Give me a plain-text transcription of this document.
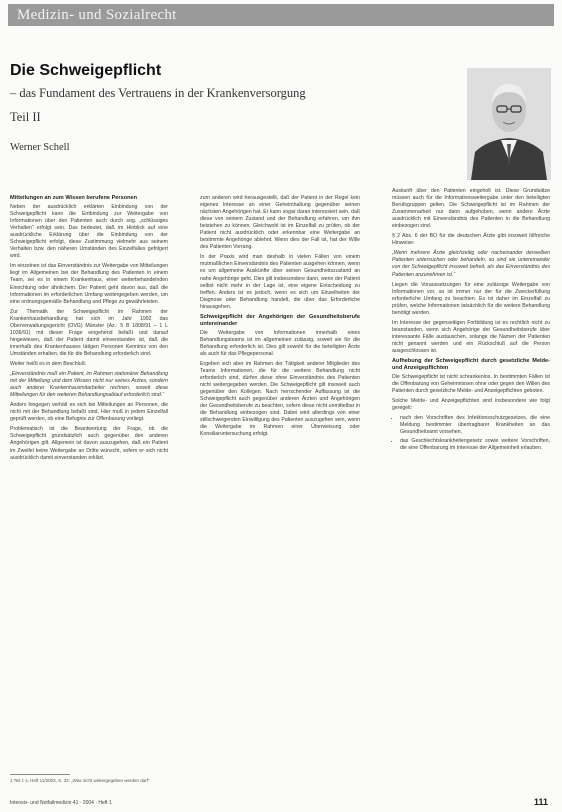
Medizin- und Sozialrecht
Die Schweigepflicht
– das Fundament des Vertrauens in der Krankenversorgung
Teil II
Werner Schell
Mitteilungen an zum Wissen berufene Personen

Neben der ausdrücklich erklärten Einbindung von der Schweigepflicht kann die Entbindung zur Weitergabe von Informationen über den Patienten auch durch sog. „schlüssiges Verhalten“ erfolgt sein. Das bedeutet, daß im Hinblick auf eine ausdrückliche Erklärung über die Einbindung von der Schweigepflicht erfolgt, diese Zustimmung vielmehr aus seinem Verhalten bzw. den näheren Umständen des Einzelfalles gefolgert wird.

Im einzelnen ist das Einverständnis zur Weitergabe von Mitteilungen liegt im Allgemeinen bei der Behandlung des Patienten in einem Team, sei es in einem Krankenhaus, einer weiterbehandelnden Einrichtung oder ähnlichem. Der Patient geht davon aus, daß die Informationen im erforderlichen Umfang weitergegeben werden, um eine ordnungsgemäße Behandlung und Pflege zu gewährleisten.

Zur Thematik der Schweigepflicht im Rahmen der Krankenhausbehandlung hat sich im Jahr 1992 das Oberverwaltungsgericht (OVG) Münster (Az.: 5 B 1808/91 – 1 L 1036/91) mit dieser Frage eingehend befaßt und darauf hingewiesen, daß der Patient damit einverstanden ist, daß die innerhalb des Krankenhauses tätigen Personen Kenntnis von den Umständen erhalten, die für die Behandlung erforderlich sind.

Weiter heißt es in dem Beschluß:

„Einverständnis muß ein Patient, im Rahmen stationärer Behandlung mit der Mitteilung und dem Wissen nicht nur seines Arztes, sondern auch anderer Krankenhausmitarbeiter rechnen, soweit diese Mitteilungen für den weiteren Behandlungsablauf erforderlich sind.“

Anders hingegen verhält es sich bei Mitteilungen an Personen, die nicht mit der Behandlung befaßt sind. Hier muß in jedem Einzelfall geprüft werden, ob eine Befugnis zur Offenbarung vorliegt.

Problematisch ist die Beantwortung der Frage, ob die Schweigepflicht grundsätzlich auch gegenüber den anderen Angehörigen gilt. Allgemein ist davon auszugehen, daß ein Patient im Zweifel keine Weitergabe an Dritte wünscht, sofern er sich nicht ausdrücklich damit einverstanden erklärt.

1 Teil I: s. Heft 11/2003, S. 33: „Was nicht weitergegeben werden darf“

zum anderen wird herausgestellt, daß der Patient in der Regel kein eigenes Interesse an einer Geheimhaltung gegenüber seinen nächsten Angehörigen hat. Er kann sogar daran interessiert sein, daß diese von seinem Zustand und der Behandlung erfahren, um ihm beistehen zu können. Gleichwohl ist im Einzelfall zu prüfen, ob der Patient nicht ausdrücklich oder erkennbar eine Weitergabe an bestimmte Angehörige ablehnt. Wenn dies der Fall ist, hat der Wille des Patienten Vorrang.

In der Praxis wird man deshalb in vielen Fällen von einem mutmaßlichen Einverständnis des Patienten ausgehen können, wenn es um allgemeine Auskünfte über seinen Gesundheitszustand an nahe Angehörige geht. Dies gilt insbesondere dann, wenn der Patient selbst nicht mehr in der Lage ist, eine eigene Entscheidung zu treffen. Anders ist es jedoch, wenn es sich um Einzelheiten der Diagnose oder Behandlung handelt, die über das Erforderliche hinausgehen.

Schweigepflicht der Angehörigen der Gesundheitsberufe untereinander

Die Weitergabe von Informationen innerhalb eines Behandlungsteams ist im allgemeinen zulässig, soweit sie für die Behandlung erforderlich ist. Dies gilt sowohl für die beteiligten Ärzte als auch für das Pflegepersonal.

Ergeben sich aber im Rahmen der Tätigkeit anderer Mitglieder des Teams Informationen, die für die weitere Behandlung nicht erforderlich sind, dürfen diese ohne Einverständnis des Patienten nicht weitergegeben werden. Die Schweigepflicht gilt insoweit auch gegenüber den Kollegen. Nach herrschender Auffassung ist die Schweigepflicht auch gegenüber anderen Ärzten und Angehörigen der Gesundheitsberufe zu beachten, sofern diese nicht unmittelbar in die Behandlung einbezogen sind. Dabei wird allerdings von einer stillschweigenden Einwilligung des Patienten auszugehen sein, wenn die Weitergabe im Rahmen einer Überweisung oder Konsiliaruntersuchung erfolgt.

Auskunft über den Patienten eingeholt ist. Diese Grundsätze müssen auch für die Informationsweitergabe unter den beteiligten Berufsgruppen gelten. Die Schweigepflicht ist im Rahmen der Zusammenarbeit nur dann aufgehoben, wenn andere Ärzte ausdrücklich mit Einverständnis des Patienten in die Behandlung einbezogen sind.

§ 2 Abs. 6 der BO für die deutschen Ärzte gibt insoweit hilfreiche Hinweise:

„Wenn mehrere Ärzte gleichzeitig oder nacheinander denselben Patienten untersuchen oder behandeln, so sind sie untereinander von der Schweigepflicht insoweit befreit, als das Einverständnis des Patienten anzunehmen ist.“

Liegen die Voraussetzungen für eine zulässige Weitergabe von Informationen vor, so ist immer nur der für die Zweckerfüllung erforderliche Umfang zu beachten. Es ist daher im Einzelfall zu prüfen, welche Informationen tatsächlich für die weitere Behandlung benötigt werden.

Im Interesse der gegenseitigen Fortbildung ist es rechtlich nicht zu beanstanden, wenn sich Angehörige der Gesundheitsberufe über interessante Fälle austauschen, solange die Namen der Patienten nicht genannt werden und ein Rückschluß auf die Person ausgeschlossen ist.

Aufhebung der Schweigepflicht durch gesetzliche Melde- und Anzeigepflichten

Die Schweigepflicht ist nicht schrankenlos. In bestimmten Fällen ist die Offenbarung von Geheimnissen ohne oder gegen den Willen des Patienten durch gesetzliche Melde- und Anzeigepflichten geboten.

Solche Melde- und Anzeigepflichten sind insbesondere wie folgt geregelt:

• nach den Vorschriften des Infektionsschutzgesetzes, die eine Meldung bestimmter übertragbarer Krankheiten an das Gesundheitsamt vorsehen,
• das Geschlechtskrankheitengesetz sowie weitere Vorschriften, die eine Offenbarung im Interesse der Allgemeinheit erlauben.
Intensiv- und Notfallmedizin 41 · 2004 · Heft 1	111
